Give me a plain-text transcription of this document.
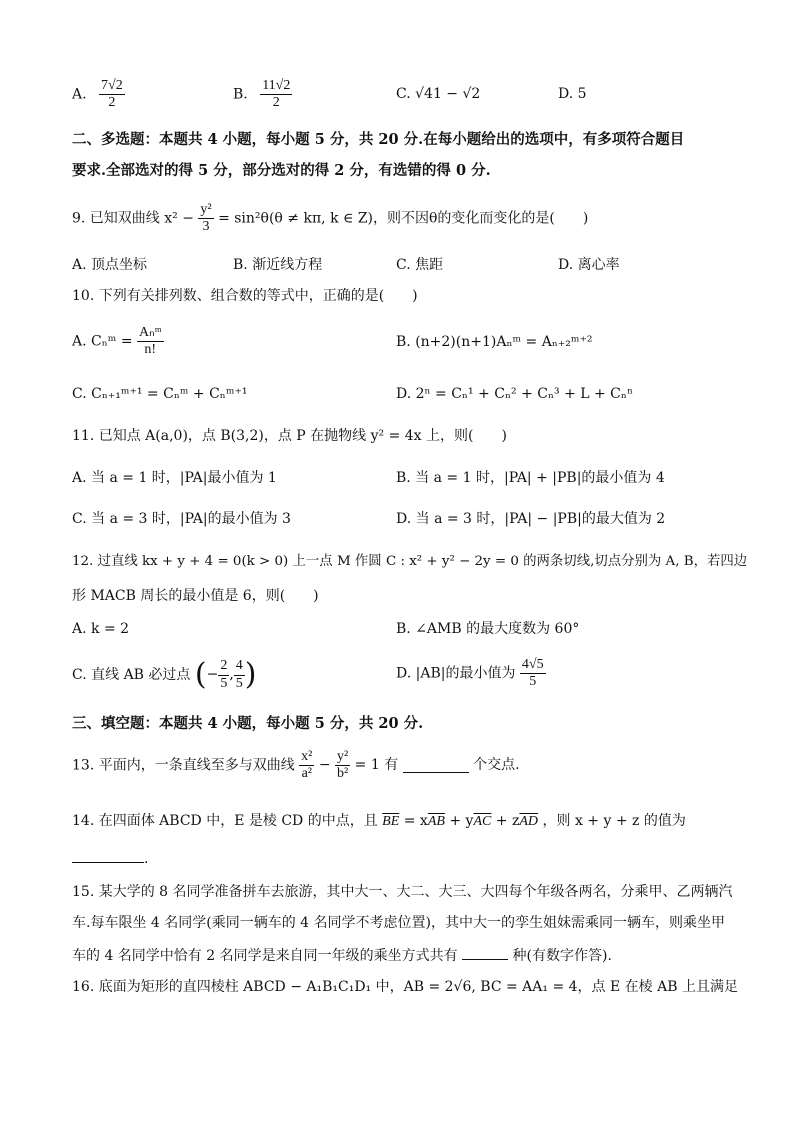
A. $\frac{7√2}{2}$	B. $\frac{11√2}{2}$	C. √41 − √2	D. 5
二、多选题：本题共 4 小题，每小题 5 分，共 20 分.在每小题给出的选项中，有多项符合题目
要求.全部选对的得 5 分，部分选对的得 2 分，有选错的得 0 分.
9. 已知双曲线 $x^2 - \frac{\text{y²}}{3} = \sin^2\theta(\theta \ne k\pi$, k ∈ Z)，则不因θ的变化而变化的是(　　)
A. 顶点坐标	B. 渐近线方程	C. 焦距	D. 离心率
10. 下列有关排列数、组合数的等式中，正确的是(　　)
A. Cₙᵐ = $\frac{\text{Aₙᵐ}}{n!}$	B. (n+2)(n+1)Aₙᵐ = Aₙ₊₂ᵐ⁺²
C. Cₙ₊₁ᵐ⁺¹ = Cₙᵐ + Cₙᵐ⁺¹	D. 2ⁿ = Cₙ¹ + Cₙ² + Cₙ³ + L + Cₙⁿ
11. 已知点 A(a,0)，点 B(3,2)，点 P 在抛物线 y² = 4x 上，则(　　)
A. 当 a = 1 时，|PA|最小值为 1	B. 当 a = 1 时，|PA| + |PB|的最小值为 4
C. 当 a = 3 时，|PA|的最小值为 3	D. 当 a = 3 时，|PA| − |PB|的最大值为 2
12. 过直线 kx + y + 4 = 0(k > 0) 上一点 M 作圆 C : x² + y² − 2y = 0 的两条切线,切点分别为 A, B，若四边
形 MACB 周长的最小值是 6，则(　　)
A. k = 2	B. ∠AMB 的最大度数为 60°
C. 直线 AB 必过点 (− $\frac{2}{5}$ , $\frac{4}{5}$ )	D. |AB|的最小值为 $\frac{4√5}{5}$
三、填空题：本题共 4 小题，每小题 5 分，共 20 分.
13. 平面内，一条直线至多与双曲线 $\frac{\text{x²}}{\text{a²}} - \frac{\text{y²}}{\text{b²}} = 1$ 有	个交点.
14. 在四面体 ABCD 中，E 是棱 CD 的中点，且 $\overline{BE} = x\overline{AB} + y\overline{AC} + z\overline{AD}$ ，则 x + y + z 的值为
.
15. 某大学的 8 名同学准备拼车去旅游，其中大一、大二、大三、大四每个年级各两名，分乘甲、乙两辆汽
车.每车限坐 4 名同学(乘同一辆车的 4 名同学不考虑位置)，其中大一的孪生姐妹需乘同一辆车，则乘坐甲
车的 4 名同学中恰有 2 名同学是来自同一年级的乘坐方式共有	种(有数字作答).
16. 底面为矩形的直四棱柱 ABCD − A₁B₁C₁D₁ 中，AB = 2√6, BC = AA₁ = 4，点 E 在棱 AB 上且满足
